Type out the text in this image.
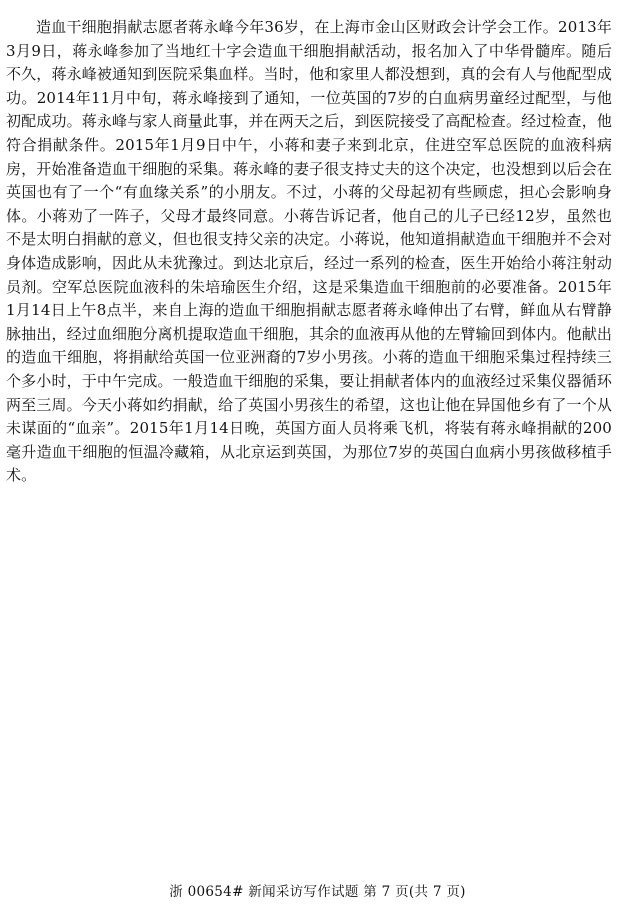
造血干细胞捐献志愿者蒋永峰今年36岁，在上海市金山区财政会计学会工作。2013年3月9日，蒋永峰参加了当地红十字会造血干细胞捐献活动，报名加入了中华骨髓库。随后不久，蒋永峰被通知到医院采集血样。当时，他和家里人都没想到，真的会有人与他配型成功。2014年11月中旬，蒋永峰接到了通知，一位英国的7岁的白血病男童经过配型，与他初配成功。蒋永峰与家人商量此事，并在两天之后，到医院接受了高配检查。经过检查，他符合捐献条件。2015年1月9日中午，小蒋和妻子来到北京，住进空军总医院的血液科病房，开始准备造血干细胞的采集。蒋永峰的妻子很支持丈夫的这个决定，也没想到以后会在英国也有了一个“有血缘关系”的小朋友。不过，小蒋的父母起初有些顾虑，担心会影响身体。小蒋劝了一阵子，父母才最终同意。小蒋告诉记者，他自己的儿子已经12岁，虽然也不是太明白捐献的意义，但也很支持父亲的决定。小蒋说，他知道捐献造血干细胞并不会对身体造成影响，因此从未犹豫过。到达北京后，经过一系列的检查，医生开始给小蒋注射动员剂。空军总医院血液科的朱培瑜医生介绍，这是采集造血干细胞前的必要准备。2015年1月14日上午8点半，来自上海的造血干细胞捐献志愿者蒋永峰伸出了右臂，鲜血从右臂静脉抽出，经过血细胞分离机提取造血干细胞，其余的血液再从他的左臂输回到体内。他献出的造血干细胞，将捐献给英国一位亚洲裔的7岁小男孩。小蒋的造血干细胞采集过程持续三个多小时，于中午完成。一般造血干细胞的采集，要让捐献者体内的血液经过采集仪器循环两至三周。今天小蒋如约捐献，给了英国小男孩生的希望，这也让他在异国他乡有了一个从未谋面的“血亲”。2015年1月14日晚，英国方面人员将乘飞机，将装有蒋永峰捐献的200毫升造血干细胞的恒温冷藏箱，从北京运到英国，为那位7岁的英国白血病小男孩做移植手术。

浙 00654# 新闻采访写作试题 第 7 页(共 7 页)
